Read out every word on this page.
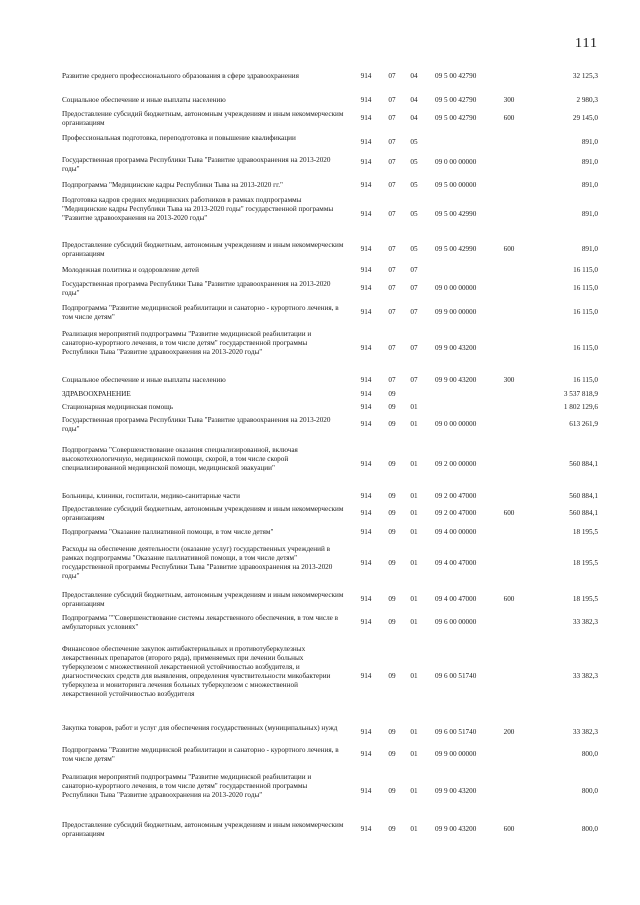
111
Развитие среднего профессионального образования в сфере здравоохранения	914	07	04	09 5 00 42790	32 125,3
Социальное обеспечение и иные выплаты населению	914	07	04	09 5 00 42790	300	2 980,3
Предоставление субсидий бюджетным, автономным учреждениям и иным некоммерческим организациям
914	07	04	09 5 00 42790	600	29 145,0
Профессиональная подготовка, переподготовка и повышение квалификации	914	07	05	891,0
Государственная программа Республики Тыва "Развитие здравоохранения на 2013-2020 годы"
914	07	05	09 0 00 00000	891,0
Подпрограмма "Медицинские кадры Республики Тыва на 2013-2020 гг."	914	07	05	09 5 00 00000	891,0
Подготовка кадров средних медицинских работников в рамках подпрограммы "Медицинские кадры Республики Тыва на 2013-2020 годы" государственной программы "Развитие здравоохранения на 2013-2020 годы"	914	07	05	09 5 00 42990	891,0
Предоставление субсидий бюджетным, автономным учреждениям и иным некоммерческим организациям
914	07	05	09 5 00 42990	600	891,0
Молодежная политика и оздоровление детей	914	07	07	16 115,0
Государственная программа Республики Тыва "Развитие здравоохранения на 2013-2020 годы"
914	07	07	09 0 00 00000	16 115,0
Подпрограмма "Развитие медицинской реабилитации и санаторно - курортного лечения, в том числе детям"
914	07	07	09 9 00 00000	16 115,0
Реализация мероприятий подпрограммы "Развитие медицинской реабилитации и санаторно-курортного лечения, в том числе детям" государственной программы Республики Тыва "Развитие здравоохранения на 2013-2020 годы"	914	07	07	09 9 00 43200	16 115,0
Социальное обеспечение и иные выплаты населению	914	07	07	09 9 00 43200	300	16 115,0
ЗДРАВООХРАНЕНИЕ	914	09	3 537 818,9
Стационарная медицинская помощь	914	09	01	1 802 129,6
Государственная программа Республики Тыва "Развитие здравоохранения на 2013-2020 годы"
914	09	01	09 0 00 00000	613 261,9
Подпрограмма "Совершенствование оказания специализированной, включая высокотехнологичную, медицинской помощи, скорой, в том числе скорой специализированной медицинской помощи, медицинской эвакуации"	914	09	01	09 2 00 00000	560 884,1
Больницы, клиники, госпитали, медико-санитарные части	914	09	01	09 2 00 47000	560 884,1
Предоставление субсидий бюджетным, автономным учреждениям и иным некоммерческим организациям
914	09	01	09 2 00 47000	600	560 884,1
Подпрограмма "Оказание паллиативной помощи, в том числе детям"	914	09	01	09 4 00 00000	18 195,5
Расходы на обеспечение деятельности (оказание услуг) государственных учреждений в рамках подпрограммы "Оказание паллиативной помощи, в том числе детям" государственной программы Республики Тыва "Развитие здравоохранения на 2013-2020 годы"
914	09	01	09 4 00 47000	18 195,5
Предоставление субсидий бюджетным, автономным учреждениям и иным некоммерческим организациям
914	09	01	09 4 00 47000	600	18 195,5
Подпрограмма ""Совершенствование системы лекарственного обеспечения, в том числе в амбулаторных условиях"
914	09	01	09 6 00 00000	33 382,3
Финансовое обеспечение закупок антибактериальных и противотуберкулезных лекарственных препаратов (второго ряда), применяемых при лечении больных туберкулезом с множественной лекарственной устойчивостью возбудителя, и диагностических средств для выявления, определения чувствительности микобактерии туберкулеза и мониторинга лечения больных туберкулезом с множественной лекарственной устойчивостью возбудителя
914	09	01	09 6 00 51740	33 382,3
Закупка товаров, работ и услуг для обеспечения государственных (муниципальных) нужд	914	09	01	09 6 00 51740	200	33 382,3
Подпрограмма "Развитие медицинской реабилитации и санаторно - курортного лечения, в том числе детям"
914	09	01	09 9 00 00000	800,0
Реализация мероприятий подпрограммы "Развитие медицинской реабилитации и санаторно-курортного лечения, в том числе детям" государственной программы Республики Тыва "Развитие здравоохранения на 2013-2020 годы"	914	09	01	09 9 00 43200	800,0
Предоставление субсидий бюджетным, автономным учреждениям и иным некоммерческим организациям
914	09	01	09 9 00 43200	600	800,0
